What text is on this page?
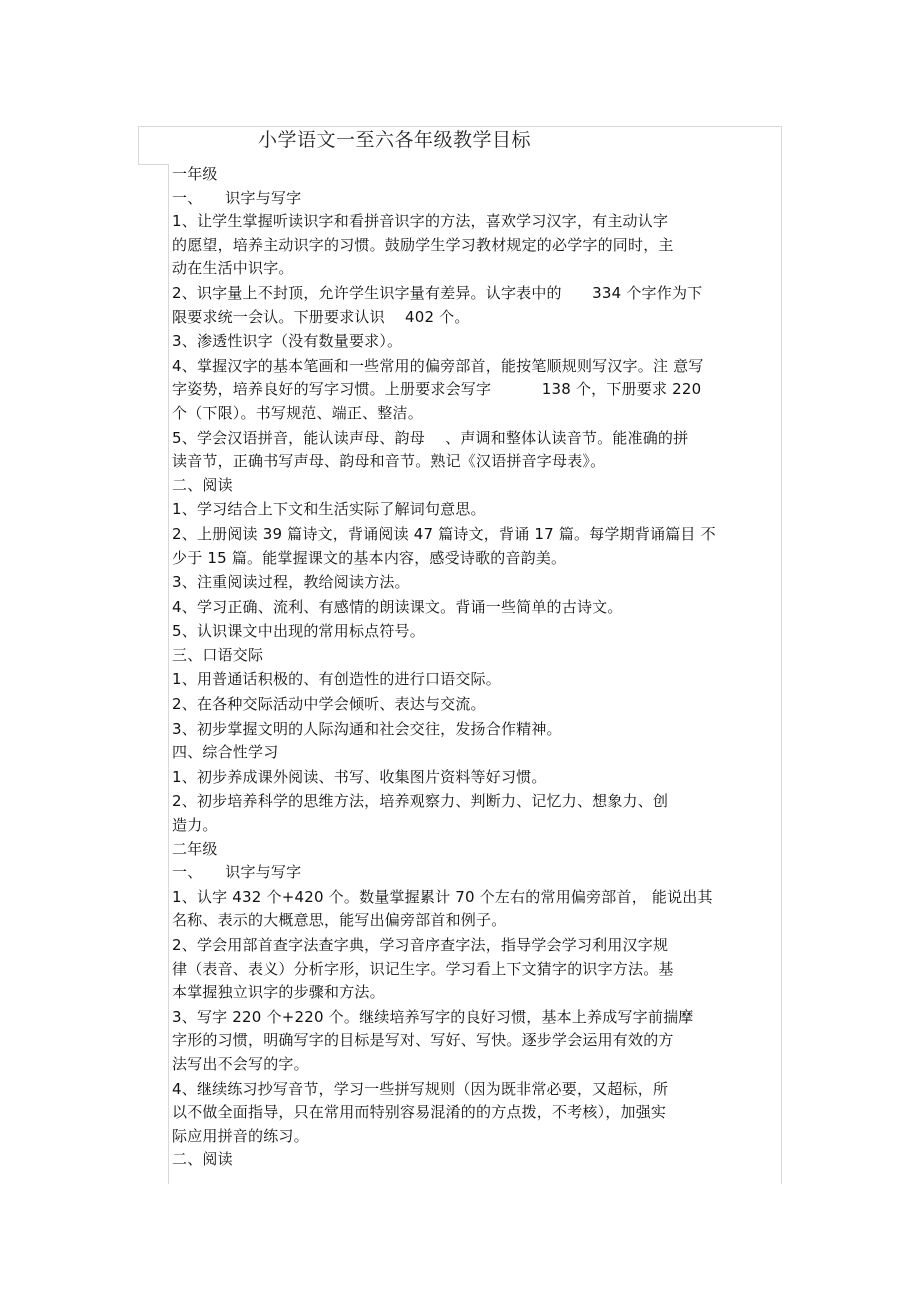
小学语文一至六各年级教学目标
一年级
一、　　识字与写字
1、让学生掌握听读识字和看拼音识字的方法，喜欢学习汉字，有主动认字
的愿望，培养主动识字的习惯。鼓励学生学习教材规定的必学字的同时，主
动在生活中识字。
2、识字量上不封顶，允许学生识字量有差异。认字表中的　　334 个字作为下
限要求统一会认。下册要求认识　 402 个。
3、渗透性识字（没有数量要求）。
4、掌握汉字的基本笔画和一些常用的偏旁部首，能按笔顺规则写汉字。注 意写
字姿势，培养良好的写字习惯。上册要求会写字　　　 138 个，下册要求 220
个（下限）。书写规范、端正、整洁。
5、学会汉语拼音，能认读声母、韵母　 、声调和整体认读音节。能准确的拼
读音节，正确书写声母、韵母和音节。熟记《汉语拼音字母表》。
二、阅读
1、学习结合上下文和生活实际了解词句意思。
2、上册阅读 39 篇诗文，背诵阅读 47 篇诗文，背诵 17 篇。每学期背诵篇目 不
少于 15 篇。能掌握课文的基本内容，感受诗歌的音韵美。
3、注重阅读过程，教给阅读方法。
4、学习正确、流利、有感情的朗读课文。背诵一些简单的古诗文。
5、认识课文中出现的常用标点符号。
三、口语交际
1、用普通话积极的、有创造性的进行口语交际。
2、在各种交际活动中学会倾听、表达与交流。
3、初步掌握文明的人际沟通和社会交往，发扬合作精神。
四、综合性学习
1、初步养成课外阅读、书写、收集图片资料等好习惯。
2、初步培养科学的思维方法，培养观察力、判断力、记忆力、想象力、创
造力。
二年级
一、　　识字与写字
1、认字 432 个+420 个。数量掌握累计 70 个左右的常用偏旁部首， 能说出其
名称、表示的大概意思，能写出偏旁部首和例子。
2、学会用部首查字法查字典，学习音序查字法，指导学会学习利用汉字规
律（表音、表义）分析字形，识记生字。学习看上下文猜字的识字方法。基
本掌握独立识字的步骤和方法。
3、写字 220 个+220 个。继续培养写字的良好习惯，基本上养成写字前揣摩
字形的习惯，明确写字的目标是写对、写好、写快。逐步学会运用有效的方
法写出不会写的字。
4、继续练习抄写音节，学习一些拼写规则（因为既非常必要，又超标，所
以不做全面指导，只在常用而特别容易混淆的的方点拨，不考核），加强实
际应用拼音的练习。
二、阅读
